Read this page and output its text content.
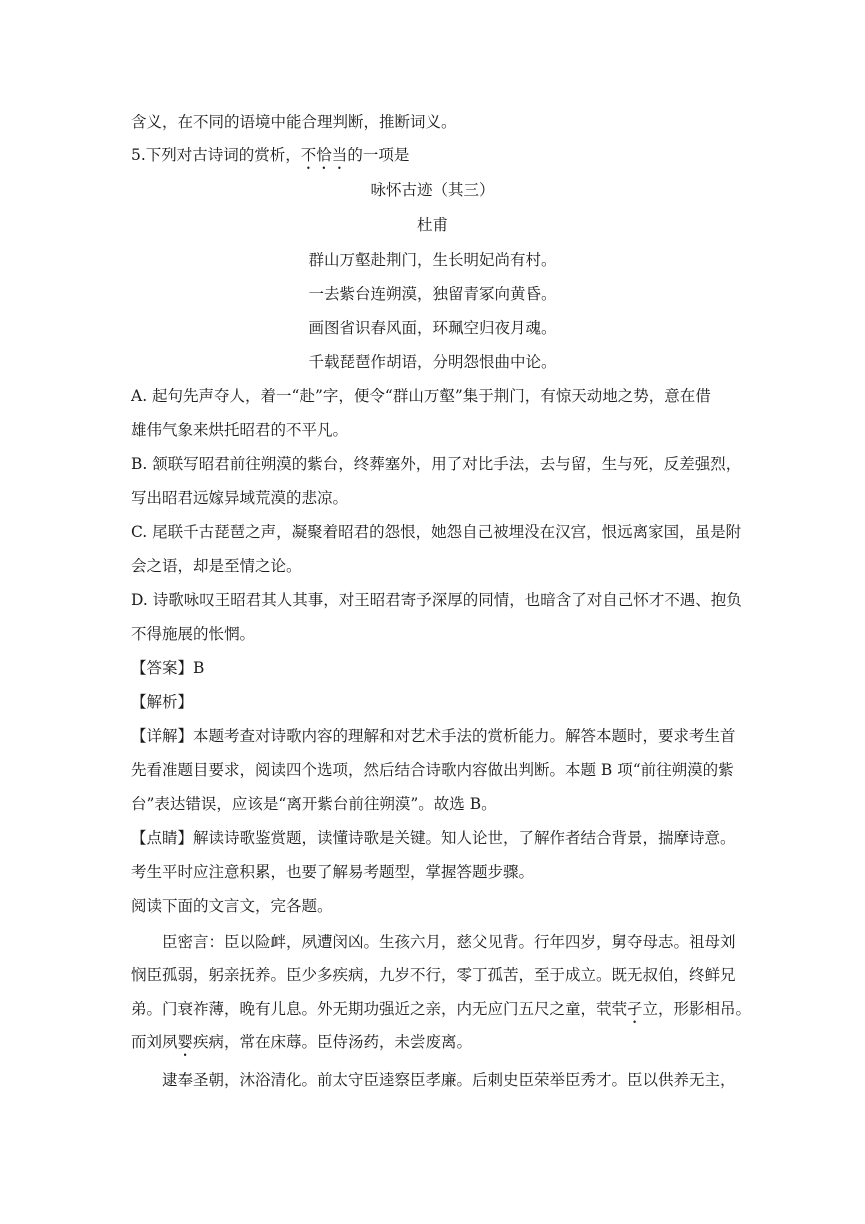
含义，在不同的语境中能合理判断，推断词义。
5.下列对古诗词的赏析，不恰当的一项是
咏怀古迹（其三）
杜甫
群山万壑赴荆门，生长明妃尚有村。
一去紫台连朔漠，独留青冢向黄昏。
画图省识春风面，环珮空归夜月魂。
千载琵琶作胡语，分明怨恨曲中论。
A. 起句先声夺人，着一“赴”字，便令“群山万壑”集于荆门，有惊天动地之势，意在借
雄伟气象来烘托昭君的不平凡。
B. 颔联写昭君前往朔漠的紫台，终葬塞外，用了对比手法，去与留，生与死，反差强烈，
写出昭君远嫁异域荒漠的悲凉。
C. 尾联千古琵琶之声，凝聚着昭君的怨恨，她怨自己被埋没在汉宫，恨远离家国，虽是附
会之语，却是至情之论。
D. 诗歌咏叹王昭君其人其事，对王昭君寄予深厚的同情，也暗含了对自己怀才不遇、抱负
不得施展的怅惘。
【答案】B
【解析】
【详解】本题考查对诗歌内容的理解和对艺术手法的赏析能力。解答本题时，要求考生首
先看准题目要求，阅读四个选项，然后结合诗歌内容做出判断。本题 B 项“前往朔漠的紫
台”表达错误，应该是“离开紫台前往朔漠”。故选 B。
【点睛】解读诗歌鉴赏题，读懂诗歌是关键。知人论世，了解作者结合背景，揣摩诗意。
考生平时应注意积累，也要了解易考题型，掌握答题步骤。
阅读下面的文言文，完各题。
臣密言：臣以险衅，夙遭闵凶。生孩六月，慈父见背。行年四岁，舅夺母志。祖母刘
悯臣孤弱，躬亲抚养。臣少多疾病，九岁不行，零丁孤苦，至于成立。既无叔伯，终鲜兄
弟。门衰祚薄，晚有儿息。外无期功强近之亲，内无应门五尺之童，茕茕孑立，形影相吊。
而刘夙婴疾病，常在床蓐。臣侍汤药，未尝废离。
逮奉圣朝，沐浴清化。前太守臣逵察臣孝廉。后刺史臣荣举臣秀才。臣以供养无主，
